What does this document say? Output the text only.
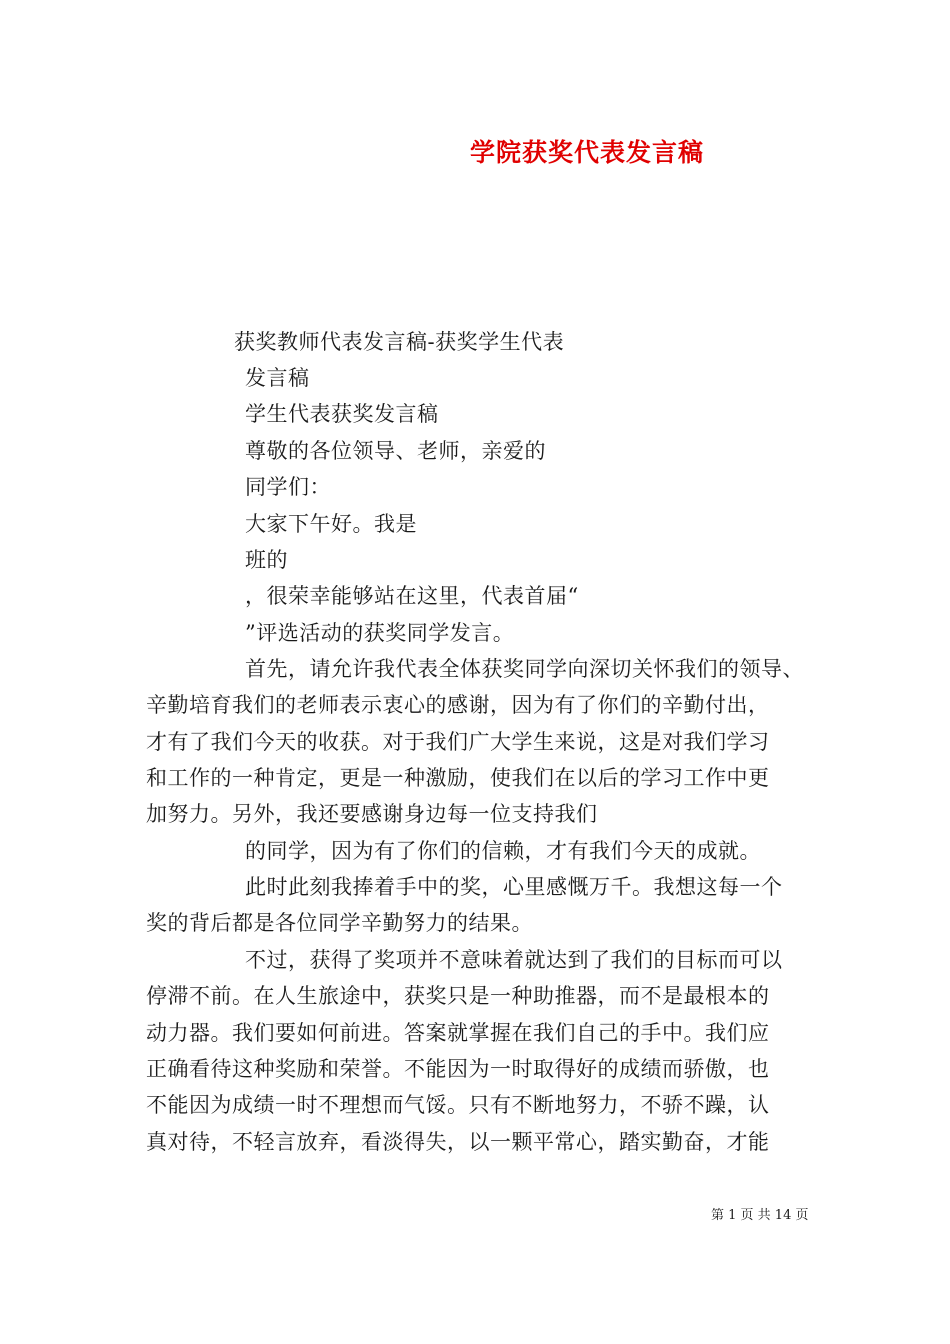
学院获奖代表发言稿
获奖教师代表发言稿-获奖学生代表
发言稿
学生代表获奖发言稿
尊敬的各位领导、老师，亲爱的
同学们：
大家下午好。我是
班的
，很荣幸能够站在这里，代表首届“
”评选活动的获奖同学发言。
首先，请允许我代表全体获奖同学向深切关怀我们的领导、
辛勤培育我们的老师表示衷心的感谢，因为有了你们的辛勤付出，
才有了我们今天的收获。对于我们广大学生来说，这是对我们学习
和工作的一种肯定，更是一种激励，使我们在以后的学习工作中更
加努力。另外，我还要感谢身边每一位支持我们
的同学，因为有了你们的信赖，才有我们今天的成就。
此时此刻我捧着手中的奖，心里感慨万千。我想这每一个
奖的背后都是各位同学辛勤努力的结果。
不过，获得了奖项并不意味着就达到了我们的目标而可以
停滞不前。在人生旅途中，获奖只是一种助推器，而不是最根本的
动力器。我们要如何前进。答案就掌握在我们自己的手中。我们应
正确看待这种奖励和荣誉。不能因为一时取得好的成绩而骄傲，也
不能因为成绩一时不理想而气馁。只有不断地努力，不骄不躁，认
真对待，不轻言放弃，看淡得失，以一颗平常心，踏实勤奋，才能
第 1 页 共 14 页
